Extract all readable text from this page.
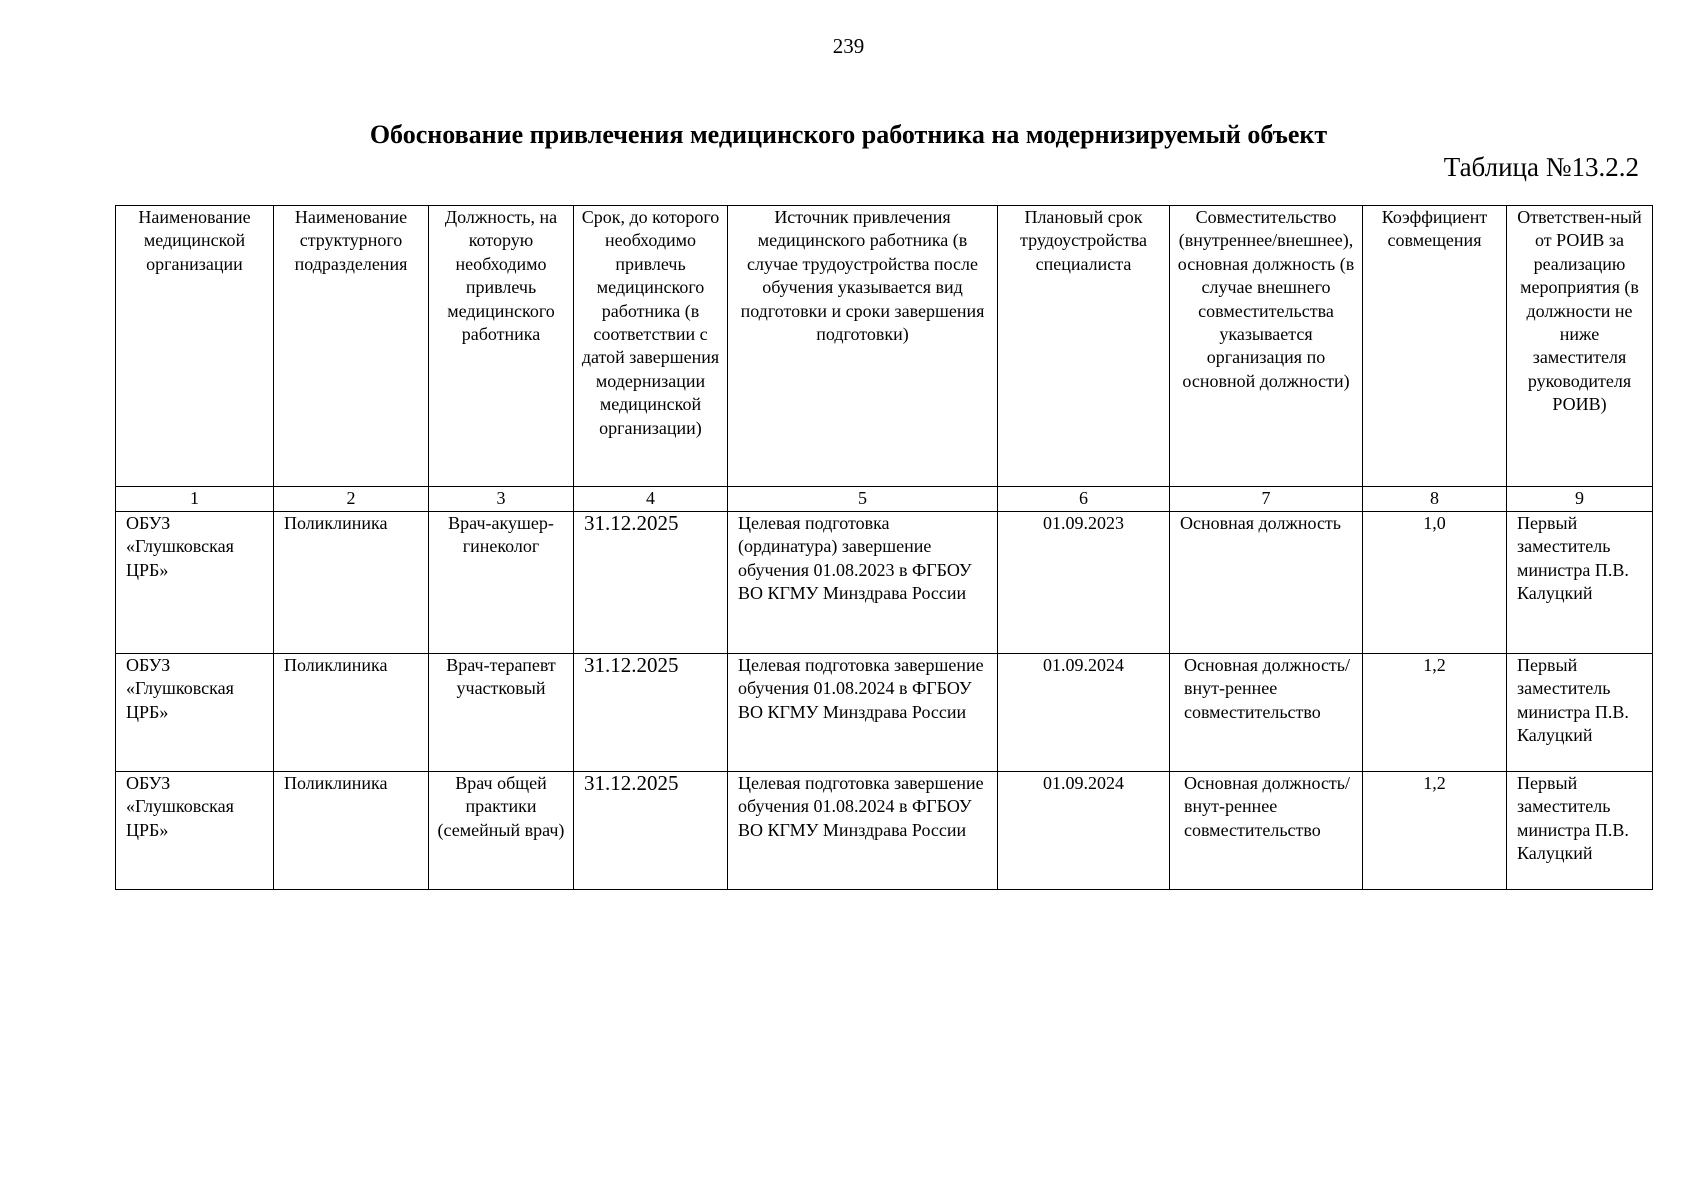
239
Обоснование привлечения медицинского работника на модернизируемый объект
Таблица №13.2.2
Наименование медицинской организации	Наименование структурного подразделения	Должность, на которую необходимо привлечь медицинского работника	Срок, до которого необходимо привлечь медицинского работника (в соответствии с датой завершения модернизации медицинской организации)	Источник привлечения медицинского работника (в случае трудоустройства после обучения указывается вид подготовки и сроки завершения подготовки)	Плановый срок трудоустройства специалиста	Совместительство (внутреннее/внешнее), основная должность (в случае внешнего совместительства указывается организация по основной должности)	Коэффициент совмещения	Ответствен-ный от РОИВ за реализацию мероприятия (в должности не ниже заместителя руководителя РОИВ)
1	2	3	4	5	6	7	8	9
ОБУЗ «Глушковская ЦРБ»	Поликлиника	Врач-акушер-гинеколог	31.12.2025	Целевая подготовка (ординатура) завершение обучения 01.08.2023 в ФГБОУ ВО КГМУ Минздрава России	01.09.2023	Основная должность	1,0	Первый заместитель министра П.В. Калуцкий
ОБУЗ «Глушковская ЦРБ»	Поликлиника	Врач-терапевт участковый	31.12.2025	Целевая подготовка завершение обучения 01.08.2024 в ФГБОУ ВО КГМУ Минздрава России	01.09.2024	Основная должность/внут-реннее совместительство	1,2	Первый заместитель министра П.В. Калуцкий
ОБУЗ «Глушковская ЦРБ»	Поликлиника	Врач общей практики (семейный врач)	31.12.2025	Целевая подготовка завершение обучения 01.08.2024 в ФГБОУ ВО КГМУ Минздрава России	01.09.2024	Основная должность/внут-реннее совместительство	1,2	Первый заместитель министра П.В. Калуцкий
